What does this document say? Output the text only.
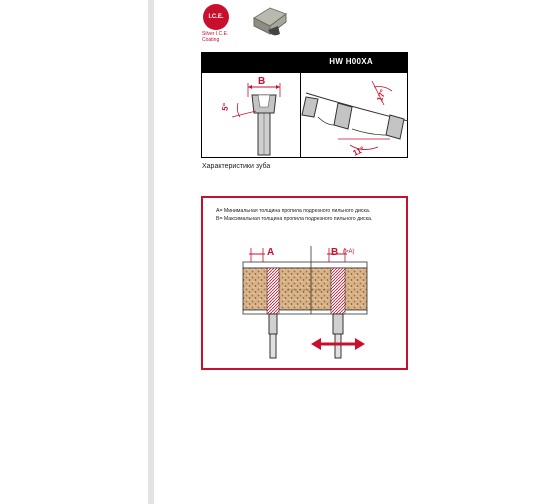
I.C.E.
Silver I.C.E.
Coating
HW H00XA
B
5°
17°
11°
Характеристики зуба
A= Минимальная толщина пропила подрезного пильного диска.
B= Максимальная толщина пропила подрезного пильного диска.
A	B (>A)
